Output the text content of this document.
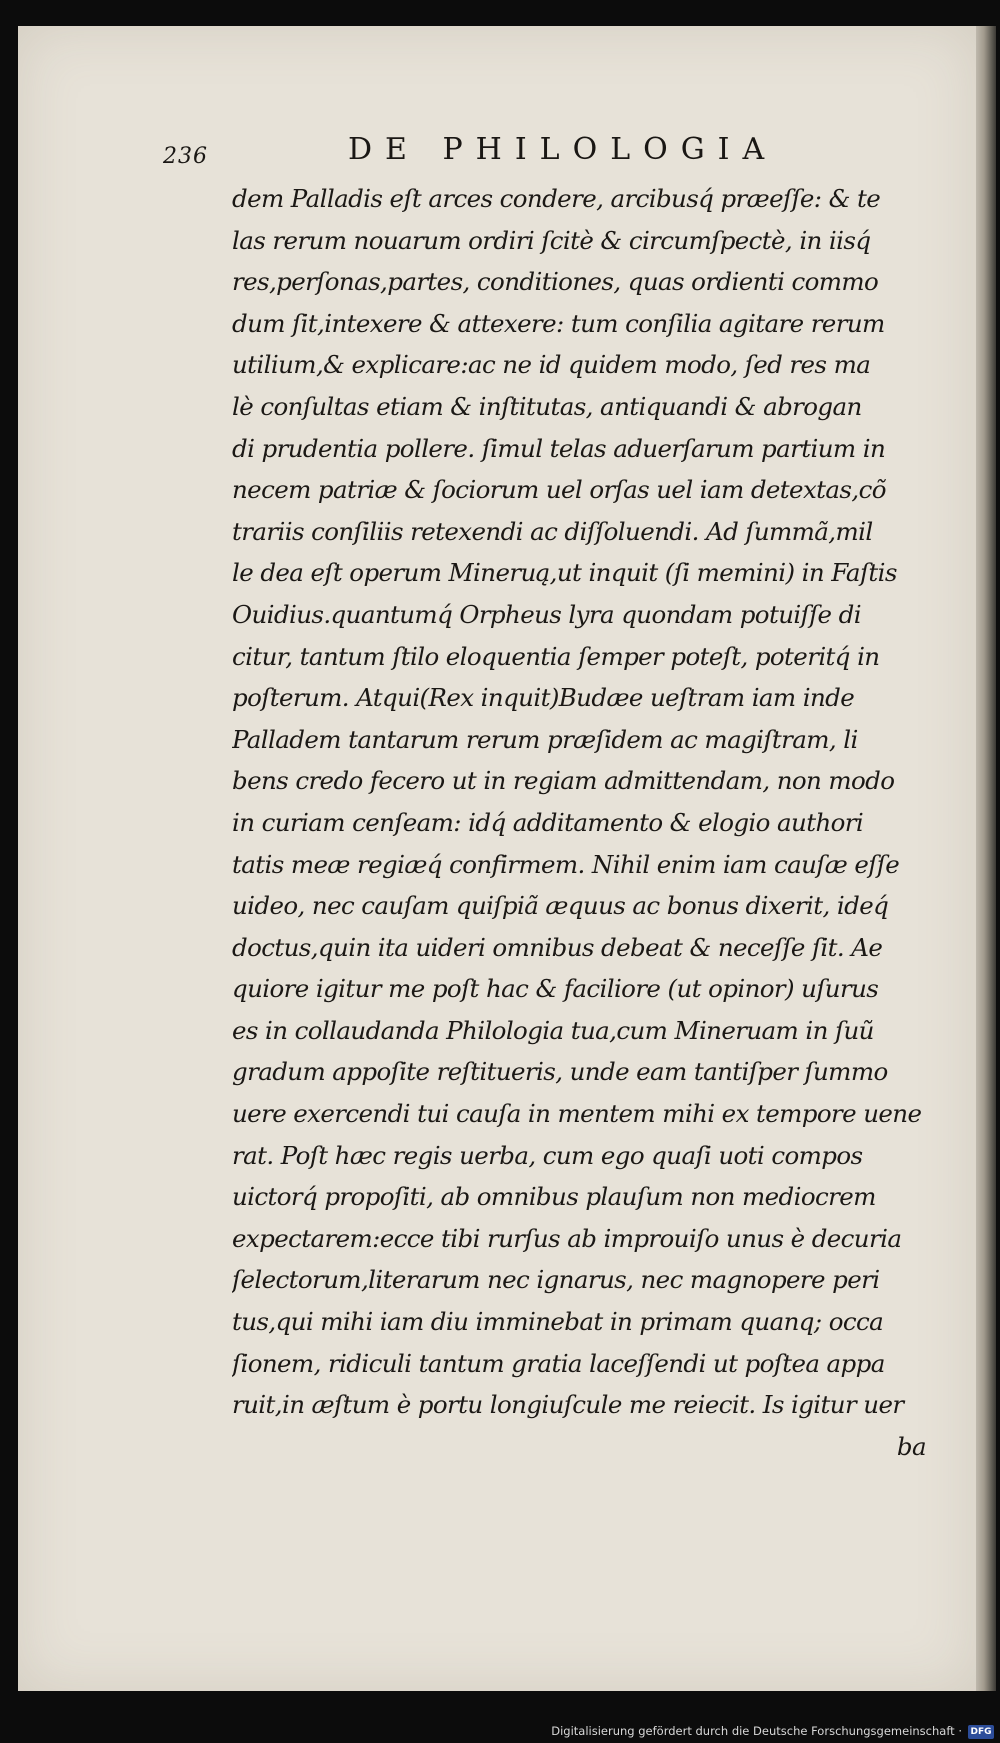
236	DE PHILOLOGIA
dem Palladis eſt arces condere, arcibusq́ præeſſe: & te
las rerum nouarum ordiri ſcitè & circumſpectè, in iisq́
res,perſonas,partes, conditiones, quas ordienti commo
dum ſit,intexere & attexere: tum conſilia agitare rerum
utilium,& explicare:ac ne id quidem modo, ſed res ma
lè conſultas etiam & inſtitutas, antiquandi & abrogan
di prudentia pollere. ſimul telas aduerſarum partium in
necem patriæ & ſociorum uel orſas uel iam detextas,cõ
trariis conſiliis retexendi ac diſſoluendi. Ad ſummã,mil
le dea eſt operum Mineruą,ut inquit (ſi memini) in Faſtis
Ouidius.quantumq́ Orpheus lyra quondam potuiſſe di
citur, tantum ſtilo eloquentia ſemper poteſt, poteritq́ in
poſterum. Atqui(Rex inquit)Budæe ueſtram iam inde
Palladem tantarum rerum præſidem ac magiſtram, li
bens credo fecero ut in regiam admittendam, non modo
in curiam cenſeam: idq́ additamento & elogio authori
tatis meæ regiæq́ confirmem. Nihil enim iam cauſæ eſſe
uideo, nec cauſam quiſpiã æquus ac bonus dixerit, ideq́
doctus,quin ita uideri omnibus debeat & neceſſe ſit. Ae
quiore igitur me poſt hac & faciliore (ut opinor) uſurus
es in collaudanda Philologia tua,cum Mineruam in ſuũ
gradum appoſite reſtitueris, unde eam tantiſper ſummo
uere exercendi tui cauſa in mentem mihi ex tempore uene
rat. Poſt hæc regis uerba, cum ego quaſi uoti compos
uictorq́ propoſiti, ab omnibus plauſum non mediocrem
expectarem:ecce tibi rurſus ab improuiſo unus è decuria
ſelectorum,literarum nec ignarus, nec magnopere peri
tus,qui mihi iam diu imminebat in primam quanq; occa
ſionem, ridiculi tantum gratia laceſſendi ut poſtea appa
ruit,in æſtum è portu longiuſcule me reiecit. Is igitur uer
ba
Digitalisierung gefördert durch die Deutsche Forschungsgemeinschaft · DFG
